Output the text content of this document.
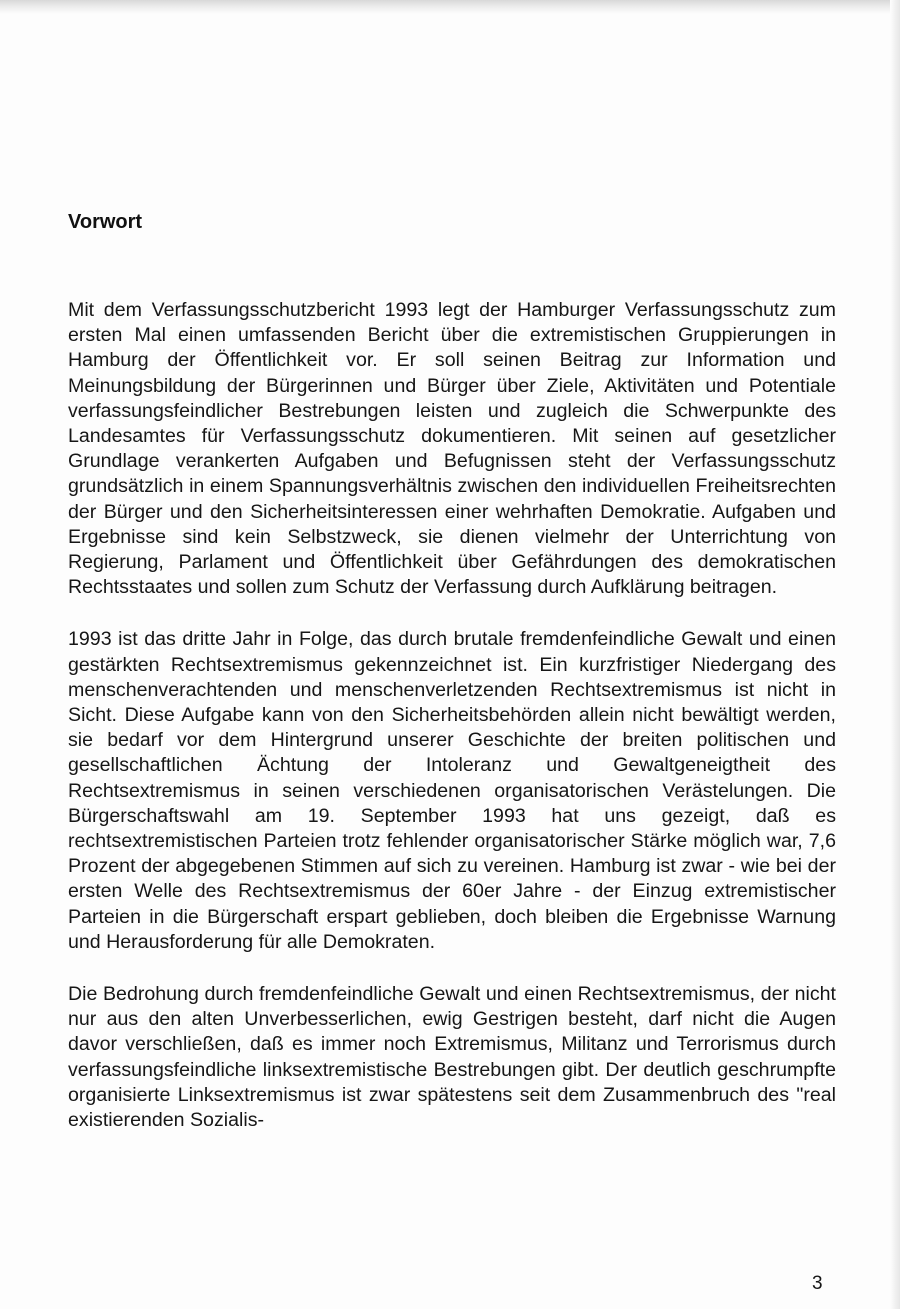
Vorwort

Mit dem Verfassungsschutzbericht 1993 legt der Hamburger Verfassungsschutz zum ersten Mal einen umfassenden Bericht über die extremistischen Gruppierungen in Hamburg der Öffentlichkeit vor. Er soll seinen Beitrag zur Information und Meinungsbildung der Bürgerinnen und Bürger über Ziele, Aktivitäten und Potentiale verfassungsfeindlicher Bestrebungen leisten und zugleich die Schwerpunkte des Landesamtes für Verfassungsschutz dokumentieren. Mit seinen auf gesetzlicher Grundlage verankerten Aufgaben und Befugnissen steht der Verfassungsschutz grundsätzlich in einem Spannungsverhältnis zwischen den individuellen Freiheitsrechten der Bürger und den Sicherheitsinteressen einer wehrhaften Demokratie. Aufgaben und Ergebnisse sind kein Selbstzweck, sie dienen vielmehr der Unterrichtung von Regierung, Parlament und Öffentlichkeit über Gefährdungen des demokratischen Rechtsstaates und sollen zum Schutz der Verfassung durch Aufklärung beitragen.

1993 ist das dritte Jahr in Folge, das durch brutale fremdenfeindliche Gewalt und einen gestärkten Rechtsextremismus gekennzeichnet ist. Ein kurzfristiger Niedergang des menschenverachtenden und menschenverletzenden Rechtsextremismus ist nicht in Sicht. Diese Aufgabe kann von den Sicherheitsbehörden allein nicht bewältigt werden, sie bedarf vor dem Hintergrund unserer Geschichte der breiten politischen und gesellschaftlichen Ächtung der Intoleranz und Gewaltgeneigtheit des Rechtsextremismus in seinen verschiedenen organisatorischen Verästelungen. Die Bürgerschaftswahl am 19. September 1993 hat uns gezeigt, daß es rechtsextremistischen Parteien trotz fehlender organisatorischer Stärke möglich war, 7,6 Prozent der abgegebenen Stimmen auf sich zu vereinen. Hamburg ist zwar - wie bei der ersten Welle des Rechtsextremismus der 60er Jahre - der Einzug extremistischer Parteien in die Bürgerschaft erspart geblieben, doch bleiben die Ergebnisse Warnung und Herausforderung für alle Demokraten.

Die Bedrohung durch fremdenfeindliche Gewalt und einen Rechtsextremismus, der nicht nur aus den alten Unverbesserlichen, ewig Gestrigen besteht, darf nicht die Augen davor verschließen, daß es immer noch Extremismus, Militanz und Terrorismus durch verfassungsfeindliche linksextremistische Bestrebungen gibt. Der deutlich geschrumpfte organisierte Linksextremismus ist zwar spätestens seit dem Zusammenbruch des "real existierenden Sozialis-

3
